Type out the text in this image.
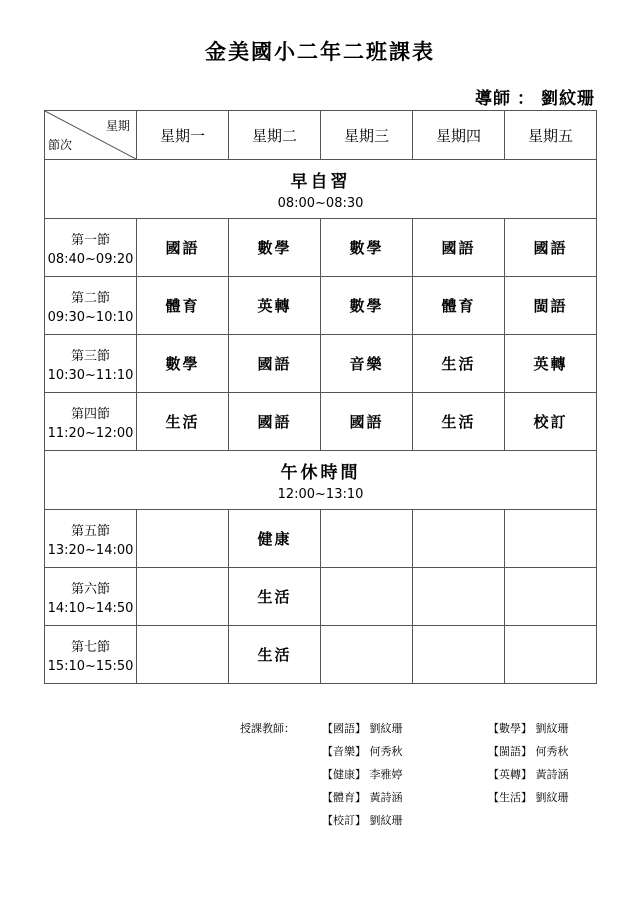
金美國小二年二班課表
導師 ： 劉紋珊
星期
節次	星期一	星期二	星期三	星期四	星期五

早自習
08:00~08:30					

第一節
08:40~09:20	國語	數學	數學	國語	國語

第二節
09:30~10:10	體育	英轉	數學	體育	閩語

第三節
10:30~11:10	數學	國語	音樂	生活	英轉

第四節
11:20~12:00	生活	國語	國語	生活	校訂

午休時間
12:00~13:10					

第五節
13:20~14:00		健康			

第六節
14:10~14:50		生活			

第七節
15:10~15:50		生活			
授課教師： 【國語】 劉紋珊
【音樂】 何秀秋
【健康】 李雅婷
【體育】 黃詩涵
【校訂】 劉紋珊
【數學】 劉紋珊
【閩語】 何秀秋
【英轉】 黃詩涵
【生活】 劉紋珊
